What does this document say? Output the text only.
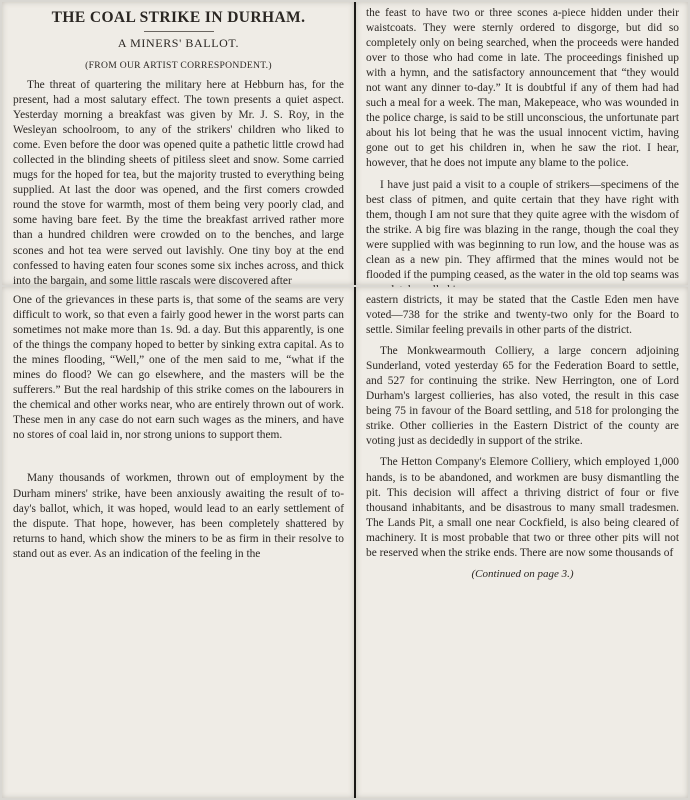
THE COAL STRIKE IN DURHAM.

A MINERS' BALLOT.

(FROM OUR ARTIST CORRESPONDENT.)

The threat of quartering the military here at Hebburn has, for the present, had a most salutary effect. The town presents a quiet aspect. Yesterday morning a breakfast was given by Mr. J. S. Roy, in the Wesleyan schoolroom, to any of the strikers' children who liked to come. Even before the door was opened quite a pathetic little crowd had collected in the blinding sheets of pitiless sleet and snow. Some carried mugs for the hoped for tea, but the majority trusted to everything being supplied. At last the door was opened, and the first comers crowded round the stove for warmth, most of them being very poorly clad, and some having bare feet. By the time the breakfast arrived rather more than a hundred children were crowded on to the benches, and large scones and hot tea were served out lavishly. One tiny boy at the end confessed to having eaten four scones some six inches across, and thick into the bargain, and some little rascals were discovered after

the feast to have two or three scones a-piece hidden under their waistcoats. They were sternly ordered to disgorge, but did so completely only on being searched, when the proceeds were handed over to those who had come in late. The proceedings finished up with a hymn, and the satisfactory announcement that “they would not want any dinner to-day.” It is doubtful if any of them had had such a meal for a week. The man, Makepeace, who was wounded in the police charge, is said to be still unconscious, the unfortunate part about his lot being that he was the usual innocent victim, having gone out to get his children in, when he saw the riot. I hear, however, that he does not impute any blame to the police.

I have just paid a visit to a couple of strikers—specimens of the best class of pitmen, and quite certain that they have right with them, though I am not sure that they quite agree with the wisdom of the strike. A big fire was blazing in the range, though the coal they were supplied with was beginning to run low, and the house was as clean as a new pin. They affirmed that the mines would not be flooded if the pumping ceased, as the water in the old top seams was

One of the grievances in these parts is, that some of the seams are very difficult to work, so that even a fairly good hewer in the worst parts can sometimes not make more than 1s. 9d. a day. But this apparently, is one of the things the company hoped to better by sinking extra capital. As to the mines flooding, “Well,” one of the men said to me, “what if the mines do flood? We can go elsewhere, and the masters will be the sufferers.” But the real hardship of this strike comes on the labourers in the chemical and other works near, who are entirely thrown out of work. These men in any case do not earn such wages as the miners, and have no stores of coal laid in, nor strong unions to support them.

Many thousands of workmen, thrown out of employment by the Durham miners' strike, have been anxiously awaiting the result of to-day's ballot, which, it was hoped, would lead to an early settlement of the dispute. That hope, however, has been completely shattered by returns to hand, which show the miners to be as firm in their resolve to stand out as ever. As an indication of the feeling in the

eastern districts, it may be stated that the Castle Eden men have voted—738 for the strike and twenty-two only for the Board to settle. Similar feeling prevails in other parts of the district.

The Monkwearmouth Colliery, a large concern adjoining Sunderland, voted yesterday 65 for the Federation Board to settle, and 527 for continuing the strike. New Herrington, one of Lord Durham's largest collieries, has also voted, the result in this case being 75 in favour of the Board settling, and 518 for prolonging the strike. Other collieries in the Eastern District of the county are voting just as decidedly in support of the strike.

The Hetton Company's Elemore Colliery, which employed 1,000 hands, is to be abandoned, and workmen are busy dismantling the pit. This decision will affect a thriving district of four or five thousand inhabitants, and be disastrous to many small tradesmen. The Lands Pit, a small one near Cockfield, is also being cleared of machinery. It is most probable that two or three other pits will not be reserved when the strike ends. There are now some thousands of

(Continued on page 3.)
